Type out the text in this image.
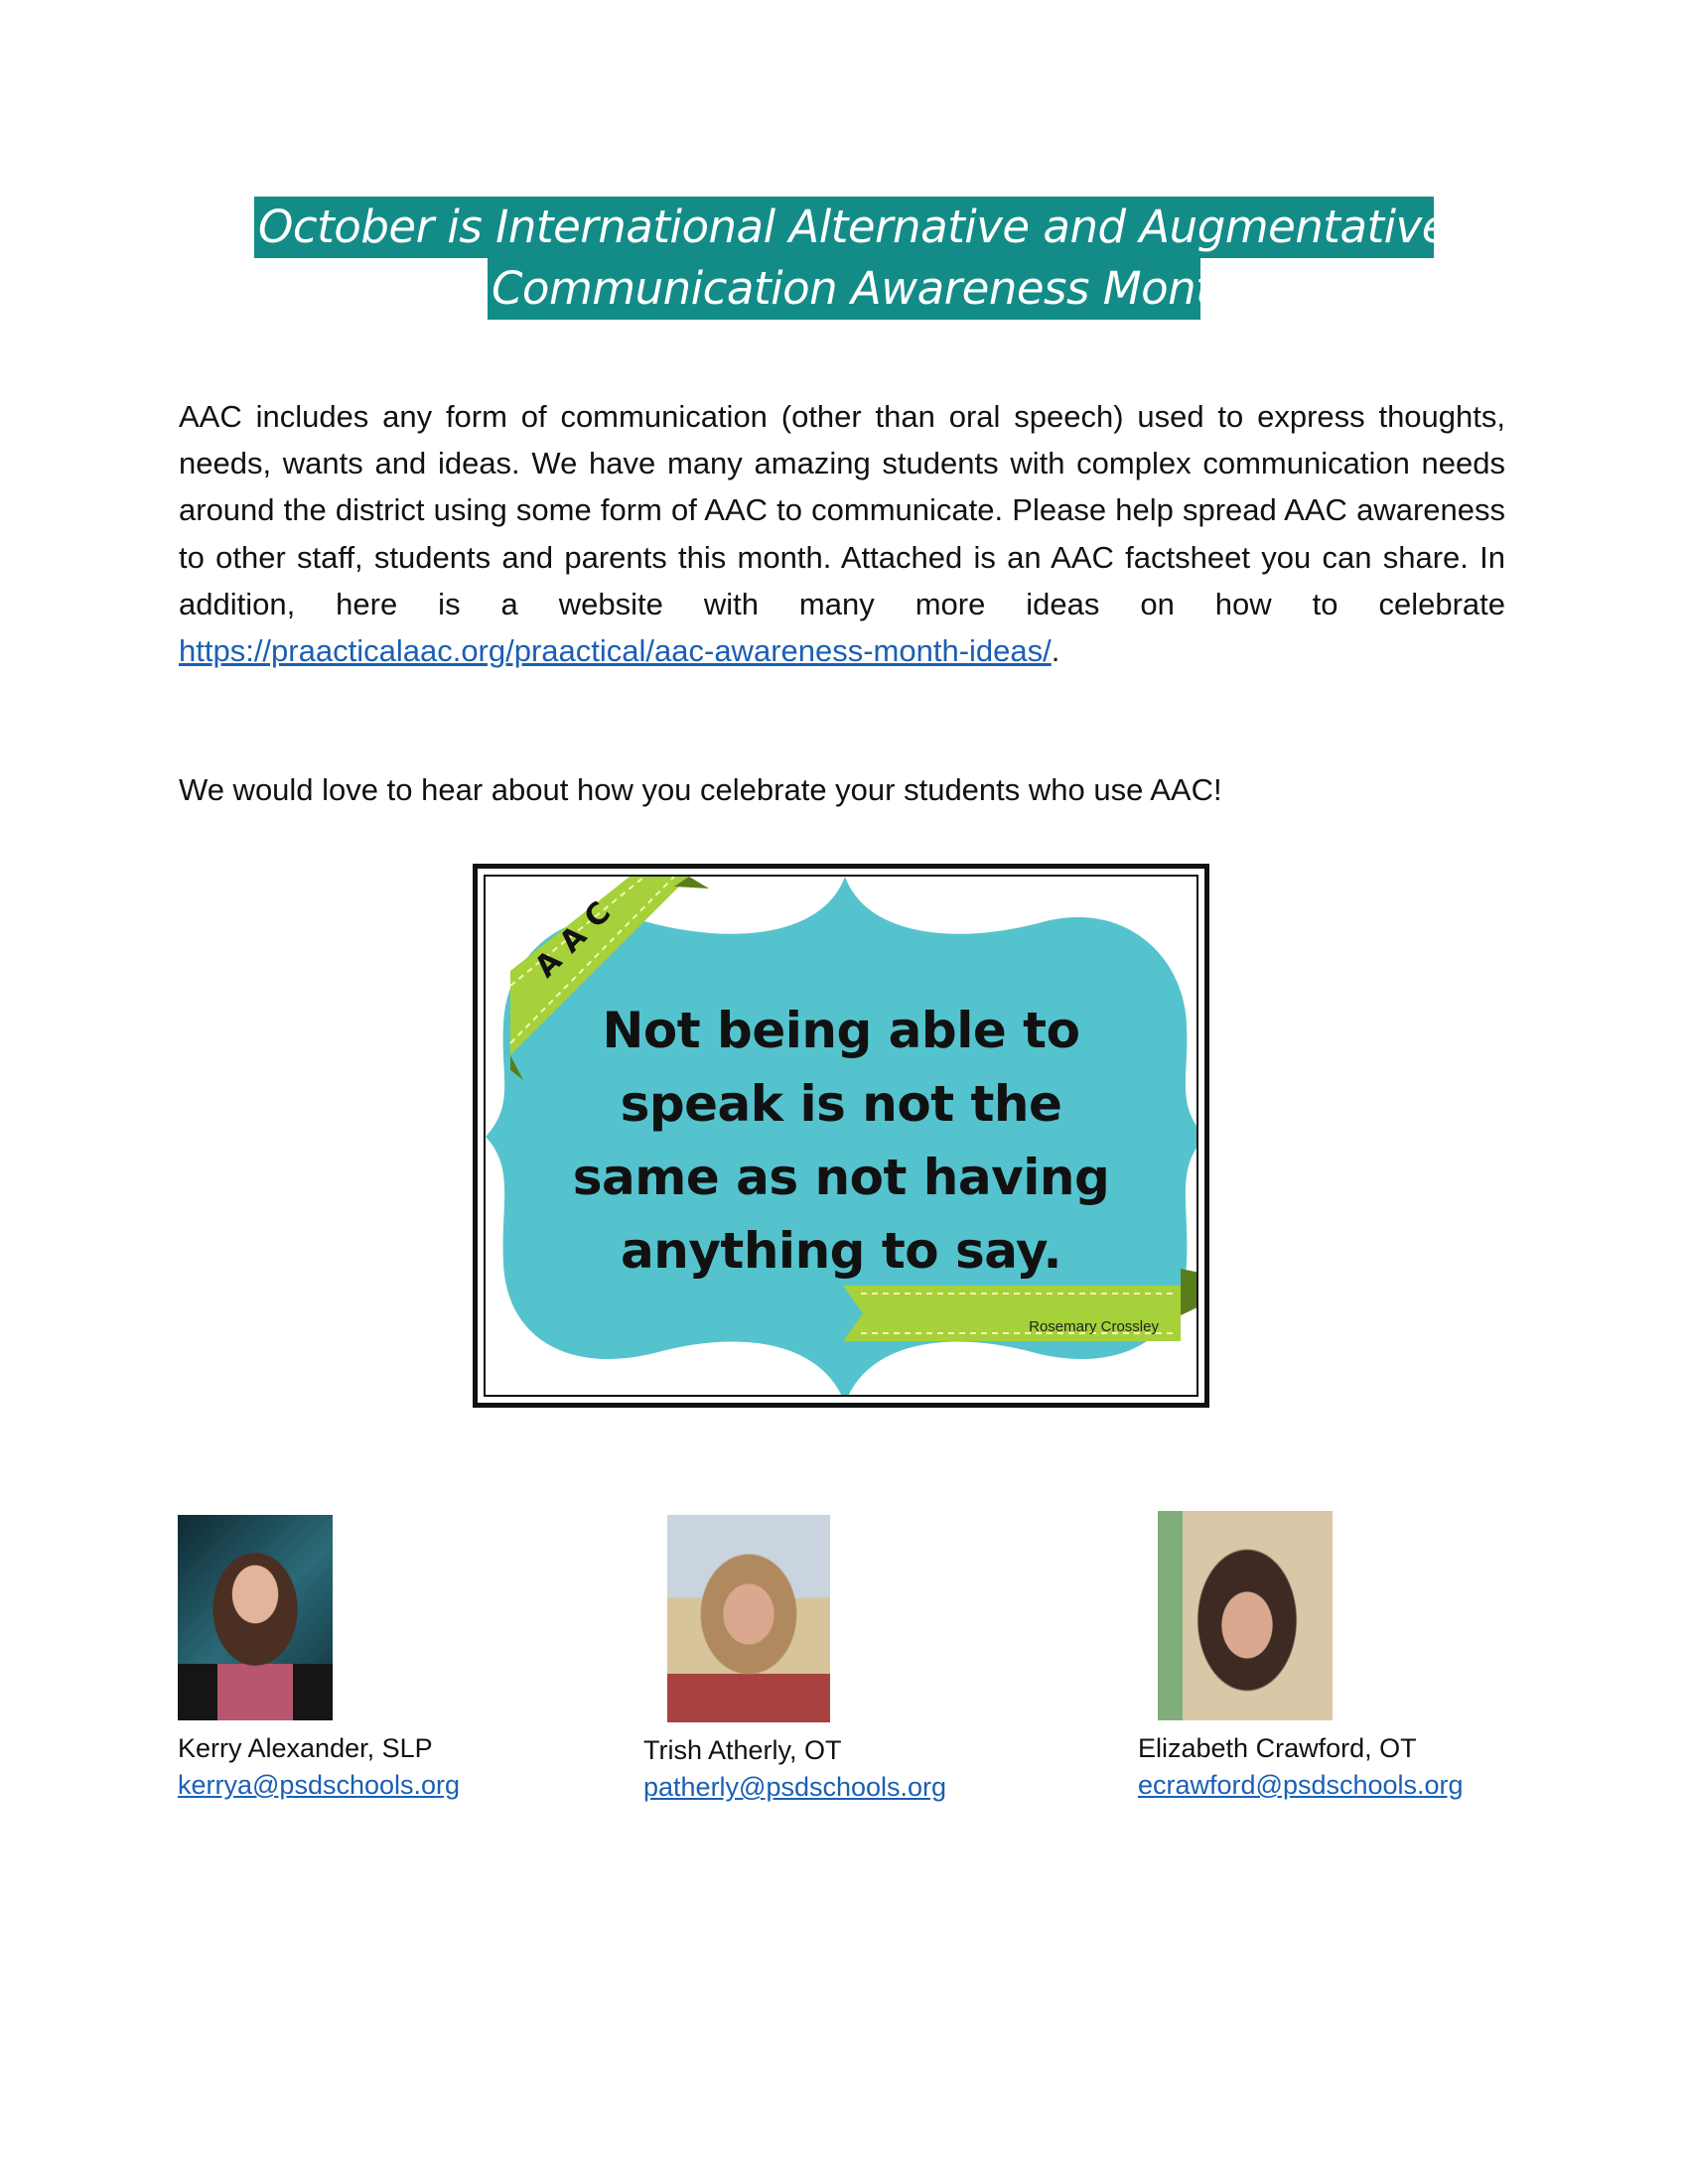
October is International Alternative and Augmentative
Communication Awareness Month!

AAC includes any form of communication (other than oral speech) used to express thoughts, needs, wants and ideas. We have many amazing students with complex communication needs around the district using some form of AAC to communicate. Please help spread AAC awareness to other staff, students and parents this month. Attached is an AAC factsheet you can share. In addition, here is a website with many more ideas on how to celebrate https://praacticalaac.org/praactical/aac-awareness-month-ideas/.

We would love to hear about how you celebrate your students who use AAC!

AAC
Not being able to
speak is not the
same as not having
anything to say.
Rosemary Crossley
Kerry Alexander, SLP
kerrya@psdschools.org
Trish Atherly, OT
patherly@psdschools.org
Elizabeth Crawford, OT
ecrawford@psdschools.org
